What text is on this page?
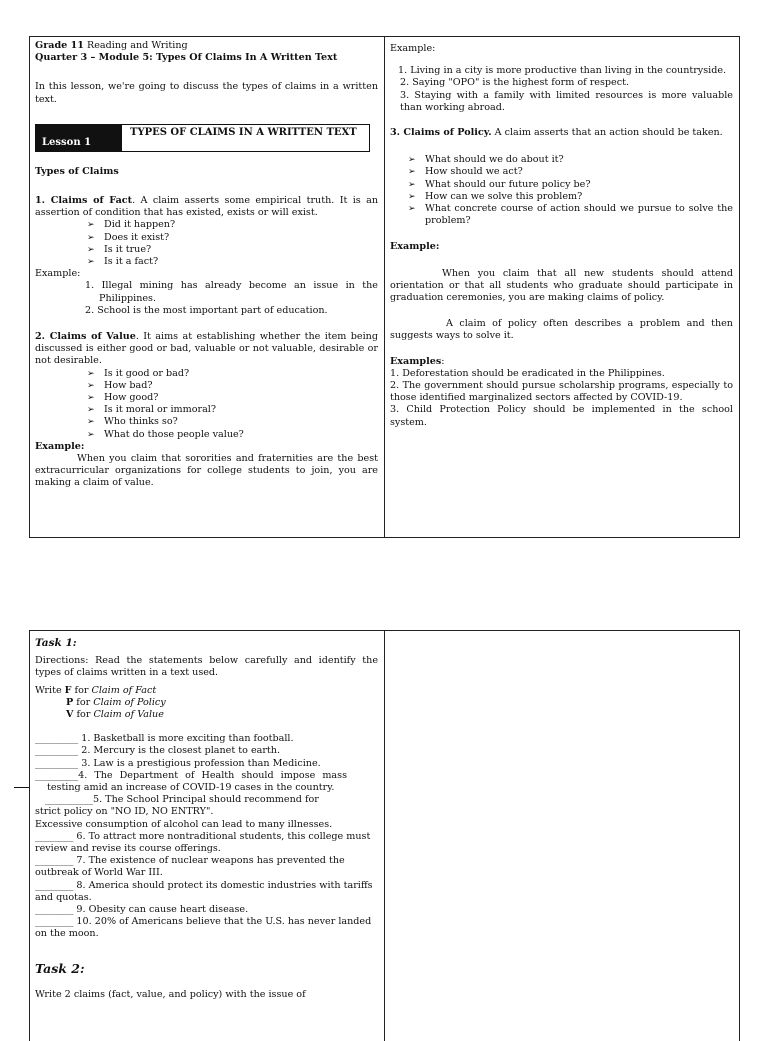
Grade 11 Reading and Writing

Quarter 3 – Module 5: Types Of Claims In A Written Text

In this lesson, we're going to discuss the types of claims in a written text.

Lesson 1
TYPES OF CLAIMS IN A WRITTEN TEXT

Types of Claims

1. Claims of Fact. A claim asserts some empirical truth. It is an assertion of condition that has existed, exists or will exist.

➢ Did it happen?
➢ Does it exist?
➢ Is it true?
➢ Is it a fact?

Example:

1. Illegal mining has already become an issue in the Philippines.

2. School is the most important part of education.

2. Claims of Value. It aims at establishing whether the item being discussed is either good or bad, valuable or not valuable, desirable or not desirable.

➢ Is it good or bad?
➢ How bad?
➢ How good?
➢ Is it moral or immoral?
➢ Who thinks so?
➢ What do those people value?

Example:

When you claim that sororities and fraternities are the best extracurricular organizations for college students to join, you are making a claim of value.

Example:

1. Living in a city is more productive than living in the countryside.

2. Saying "OPO" is the highest form of respect.

3. Staying with a family with limited resources is more valuable than working abroad.

3. Claims of Policy. A claim asserts that an action should be taken.

➢ What should we do about it?
➢ How should we act?
➢ What should our future policy be?
➢ How can we solve this problem?
➢ What concrete course of action should we pursue to solve the problem?

Example:

When you claim that all new students should attend orientation or that all students who graduate should participate in graduation ceremonies, you are making claims of policy.

A claim of policy often describes a problem and then suggests ways to solve it.

Examples:

1. Deforestation should be eradicated in the Philippines.

2. The government should pursue scholarship programs, especially to those identified marginalized sectors affected by COVID-19.

3. Child Protection Policy should be implemented in the school system.

Task 1:

Directions: Read the statements below carefully and identify the types of claims written in a text used.

Write F for Claim of Fact

P for Claim of Policy

V for Claim of Value

_________ 1. Basketball is more exciting than football.

_________ 2. Mercury is the closest planet to earth.

_________ 3. Law is a prestigious profession than Medicine.

_________4. The Department of Health should impose mass testing amid an increase of COVID-19 cases in the country.

__________5. The School Principal should recommend for strict policy on "NO ID, NO ENTRY".

Excessive consumption of alcohol can lead to many illnesses.

________ 6. To attract more nontraditional students, this college must review and revise its course offerings.

________ 7. The existence of nuclear weapons has prevented the outbreak of World War III.

________ 8. America should protect its domestic industries with tariffs and quotas.

________ 9. Obesity can cause heart disease.

________ 10. 20% of Americans believe that the U.S. has never landed on the moon.

Task 2:

Write 2 claims (fact, value, and policy) with the issue of
